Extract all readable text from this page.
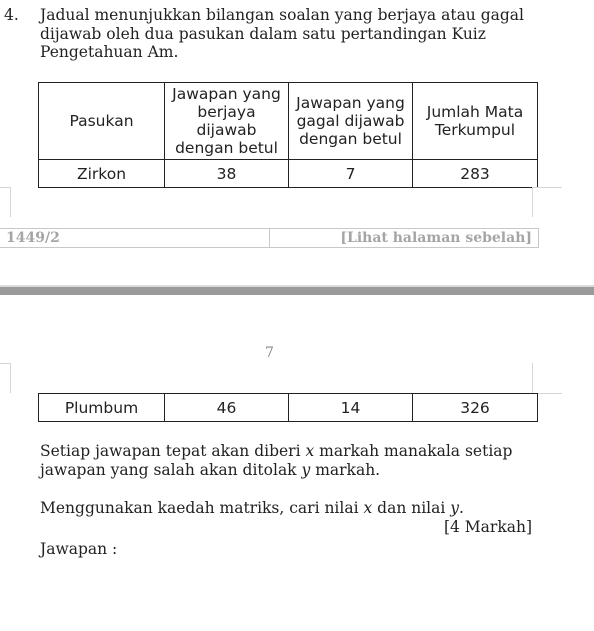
4. Jadual menunjukkan bilangan soalan yang berjaya atau gagal dijawab oleh dua pasukan dalam satu pertandingan Kuiz Pengetahuan Am.
Pasukan	Jawapan yang berjaya dijawab dengan betul	Jawapan yang gagal dijawab dengan betul	Jumlah Mata Terkumpul
Zirkon	38	7	283
1449/2	[Lihat halaman sebelah]
7
Plumbum	46	14	326
Setiap jawapan tepat akan diberi x markah manakala setiap jawapan yang salah akan ditolak y markah.
Menggunakan kaedah matriks, cari nilai x dan nilai y.
[4 Markah]
Jawapan :
